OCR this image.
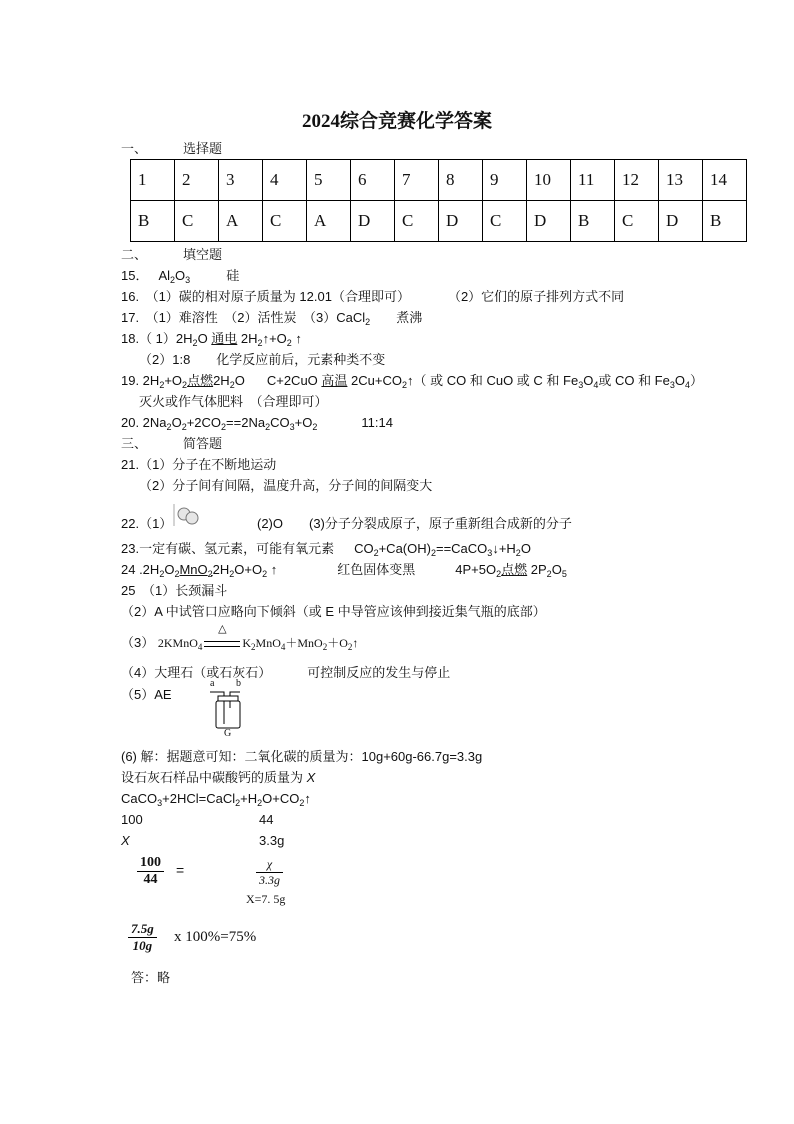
2024综合竞赛化学答案
一、	选择题
1	2	3	4	5	6	7	8	9	10	11	12	13	14
B	C	A	C	A	D	C	D	C	D	B	C	D	B
二、	填空题
15． $Al_2O_3$	硅
16.　（1）碳的相对原子质量为 12.01（合理即可）	（2）它们的原子排列方式不同
17.　（1）难溶性　（2）活性炭　（3）CaCl$_2$ 煮沸
18.（ $1)2H_2O$ 通电 $2H_2↑+O_2$ ↑
（2）1:8　　化学反应前后，元素种类不变
19. $2H_2+O_2$点燃$2H_2O$ C+2CuO 高温 $2Cu+CO_2↑$（ 或 CO 和 CuO 或 C 和 $Fe_3O_4$或 CO 和 $Fe_3O_4$）
灭火或作气体肥料　（合理即可）
20. $2Na_2O_2+2CO_2==2Na_2CO_3+O_2$	11:14
三、	简答题
21.（1）分子在不断地运动
（2）分子间有间隔，温度升高，分子间的间隔变大
22.（1）	(2)O (3)分子分裂成原子，原子重新组合成新的分子
23.一定有碳、氢元素，可能有氧元素 $CO_2+Ca(OH)_2==CaCO_3↓+H_2O$
24 $.2H_2O_2MnO_22H_2O+O_2$ ↑	红色固体变黑	$4P+5O_2$点燃 $2P_2O_5$
25　（1）长颈漏斗
（2）A 中试管口应略向下倾斜（或 E 中导管应该伸到接近集气瓶的底部）
（3） 2KMnO$_4$
△
$K_2MnO_4+MnO_2+O_2↑$
（4）大理石（或石灰石）	可控制反应的发生与停止
（5）AE
a b
G
(6) 解：据题意可知：二氧化碳的质量为：10g+60g-66.7g=3.3g
设石灰石样品中碳酸钙的质量为 X
$CaCO_3+2HCl=CaCl_2+H_2O+CO_2↑$
100	44
X	3.3g
$\frac{100}{44}$ =	$\frac{\chi}{3.3g}$
X=7. 5g
$\frac{7.5g}{10g}$ x 100%=75%
答：略
